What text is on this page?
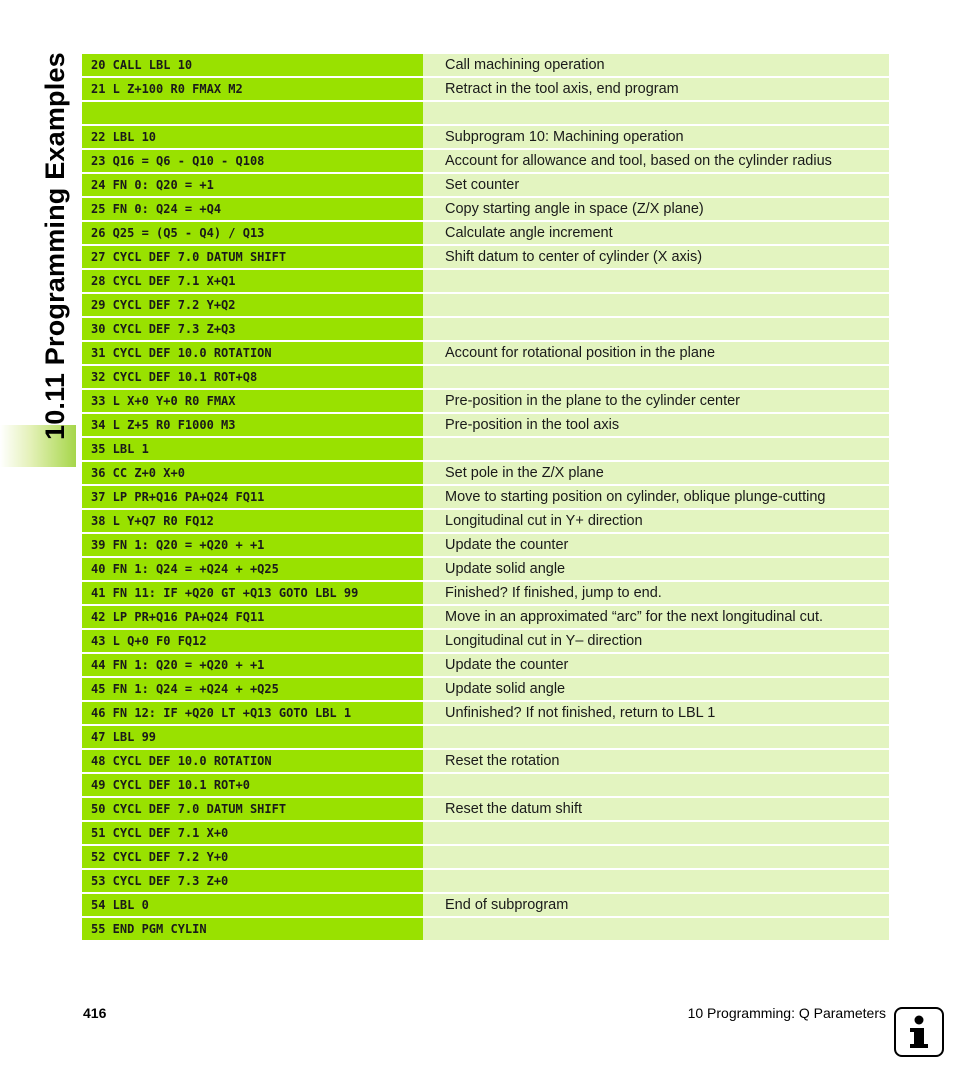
10.11 Programming Examples	20 CALL LBL 10	Call machining operation
21 L Z+100 R0 FMAX M2	Retract in the tool axis, end program
22 LBL 10	Subprogram 10: Machining operation
23 Q16 = Q6 - Q10 - Q108	Account for allowance and tool, based on the cylinder radius
24 FN 0: Q20 = +1	Set counter
25 FN 0: Q24 = +Q4	Copy starting angle in space (Z/X plane)
26 Q25 = (Q5 - Q4) / Q13	Calculate angle increment
27 CYCL DEF 7.0 DATUM SHIFT	Shift datum to center of cylinder (X axis)
28 CYCL DEF 7.1 X+Q1
29 CYCL DEF 7.2 Y+Q2
30 CYCL DEF 7.3 Z+Q3
31 CYCL DEF 10.0 ROTATION	Account for rotational position in the plane
32 CYCL DEF 10.1 ROT+Q8
33 L X+0 Y+0 R0 FMAX	Pre-position in the plane to the cylinder center
34 L Z+5 R0 F1000 M3	Pre-position in the tool axis
35 LBL 1
36 CC Z+0 X+0	Set pole in the Z/X plane
37 LP PR+Q16 PA+Q24 FQ11	Move to starting position on cylinder, oblique plunge-cutting
38 L Y+Q7 R0 FQ12	Longitudinal cut in Y+ direction
39 FN 1: Q20 = +Q20 + +1	Update the counter
40 FN 1: Q24 = +Q24 + +Q25	Update solid angle
41 FN 11: IF +Q20 GT +Q13 GOTO LBL 99	Finished? If finished, jump to end.
42 LP PR+Q16 PA+Q24 FQ11	Move in an approximated “arc” for the next longitudinal cut.
43 L Q+0 F0 FQ12	Longitudinal cut in Y– direction
44 FN 1: Q20 = +Q20 + +1	Update the counter
45 FN 1: Q24 = +Q24 + +Q25	Update solid angle
46 FN 12: IF +Q20 LT +Q13 GOTO LBL 1	Unfinished? If not finished, return to LBL 1
47 LBL 99
48 CYCL DEF 10.0 ROTATION	Reset the rotation
49 CYCL DEF 10.1 ROT+0
50 CYCL DEF 7.0 DATUM SHIFT	Reset the datum shift
51 CYCL DEF 7.1 X+0
52 CYCL DEF 7.2 Y+0
53 CYCL DEF 7.3 Z+0
54 LBL 0	End of subprogram
55 END PGM CYLIN
416	10 Programming: Q Parameters
